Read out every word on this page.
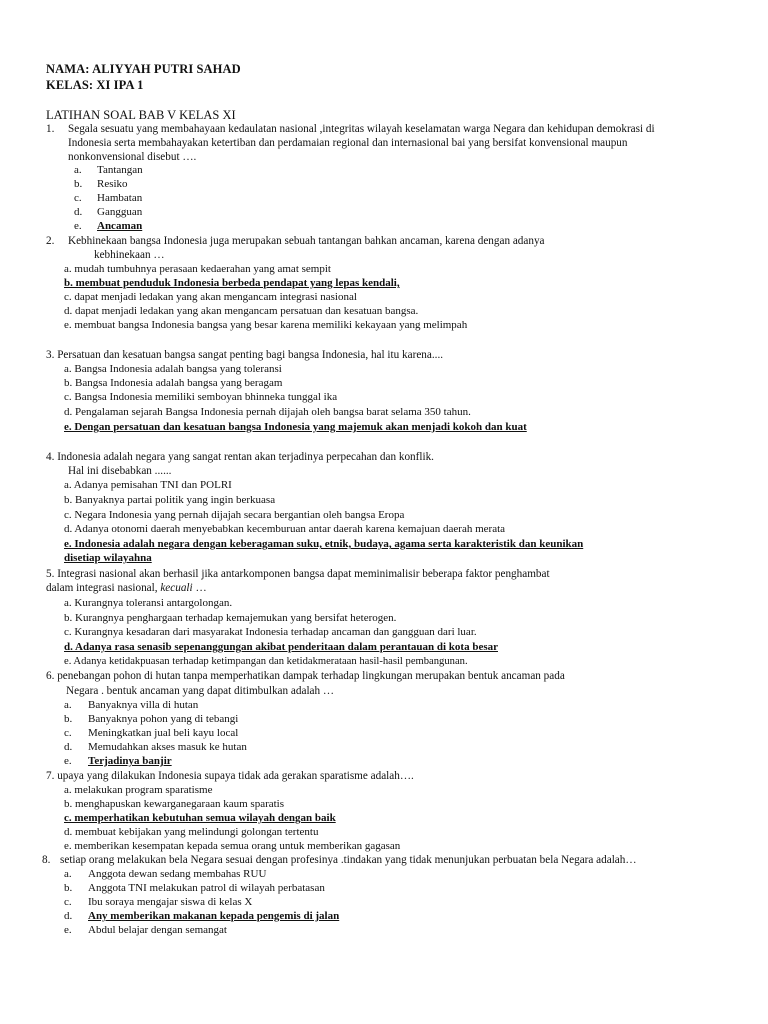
NAMA: ALIYYAH PUTRI SAHAD
KELAS: XI IPA 1
LATIHAN SOAL BAB V KELAS XI
1. Segala sesuatu yang membahayaan kedaulatan nasional ,integritas wilayah keselamatan warga Negara dan kehidupan demokrasi di
Indonesia serta membahayakan ketertiban dan perdamaian regional dan internasional bai yang bersifat konvensional maupun
nonkonvensional disebut ….
a. Tantangan
b. Resiko
c. Hambatan
d. Gangguan
e. Ancaman
2. Kebhinekaan bangsa Indonesia juga merupakan sebuah tantangan bahkan ancaman, karena dengan adanya
kebhinekaan …
a. mudah tumbuhnya perasaan kedaerahan yang amat sempit
b. membuat penduduk Indonesia berbeda pendapat yang lepas kendali,
c. dapat menjadi ledakan yang akan mengancam integrasi nasional
d. dapat menjadi ledakan yang akan mengancam persatuan dan kesatuan bangsa.
e. membuat bangsa Indonesia bangsa yang besar karena memiliki kekayaan yang melimpah
3. Persatuan dan kesatuan bangsa sangat penting bagi bangsa Indonesia, hal itu karena....
a. Bangsa Indonesia adalah bangsa yang toleransi
b. Bangsa Indonesia adalah bangsa yang beragam
c. Bangsa Indonesia memiliki semboyan bhinneka tunggal ika
d. Pengalaman sejarah Bangsa Indonesia pernah dijajah oleh bangsa barat selama 350 tahun.
e. Dengan persatuan dan kesatuan bangsa Indonesia yang majemuk akan menjadi kokoh dan kuat
4. Indonesia adalah negara yang sangat rentan akan terjadinya perpecahan dan konflik.
Hal ini disebabkan ......
a. Adanya pemisahan TNI dan POLRI
b. Banyaknya partai politik yang ingin berkuasa
c. Negara Indonesia yang pernah dijajah secara bergantian oleh bangsa Eropa
d. Adanya otonomi daerah menyebabkan kecemburuan antar daerah karena kemajuan daerah merata
e. Indonesia adalah negara dengan keberagaman suku, etnik, budaya, agama serta karakteristik dan keunikan
disetiap wilayahna
5. Integrasi nasional akan berhasil jika antarkomponen bangsa dapat meminimalisir beberapa faktor penghambat
dalam integrasi nasional, kecuali …
a. Kurangnya toleransi antargolongan.
b. Kurangnya penghargaan terhadap kemajemukan yang bersifat heterogen.
c. Kurangnya kesadaran dari masyarakat Indonesia terhadap ancaman dan gangguan dari luar.
d. Adanya rasa senasib sepenanggungan akibat penderitaan dalam perantauan di kota besar
e. Adanya ketidakpuasan terhadap ketimpangan dan ketidakmerataan hasil-hasil pembangunan.
6. penebangan pohon di hutan tanpa memperhatikan dampak terhadap lingkungan merupakan bentuk ancaman pada
Negara . bentuk ancaman yang dapat ditimbulkan adalah …
a. Banyaknya villa di hutan
b. Banyaknya pohon yang di tebangi
c. Meningkatkan jual beli kayu local
d. Memudahkan akses masuk ke hutan
e. Terjadinya banjir
7. upaya yang dilakukan Indonesia supaya tidak ada gerakan sparatisme adalah….
a. melakukan program sparatisme
b. menghapuskan kewarganegaraan kaum sparatis
c. memperhatikan kebutuhan semua wilayah dengan baik
d. membuat kebijakan yang melindungi golongan tertentu
e. memberikan kesempatan kepada semua orang untuk memberikan gagasan
8. setiap orang melakukan bela Negara sesuai dengan profesinya .tindakan yang tidak menunjukan perbuatan bela Negara adalah…
a. Anggota dewan sedang membahas RUU
b. Anggota TNI melakukan patrol di wilayah perbatasan
c. Ibu soraya mengajar siswa di kelas X
d. Any memberikan makanan kepada pengemis di jalan
e. Abdul belajar dengan semangat
